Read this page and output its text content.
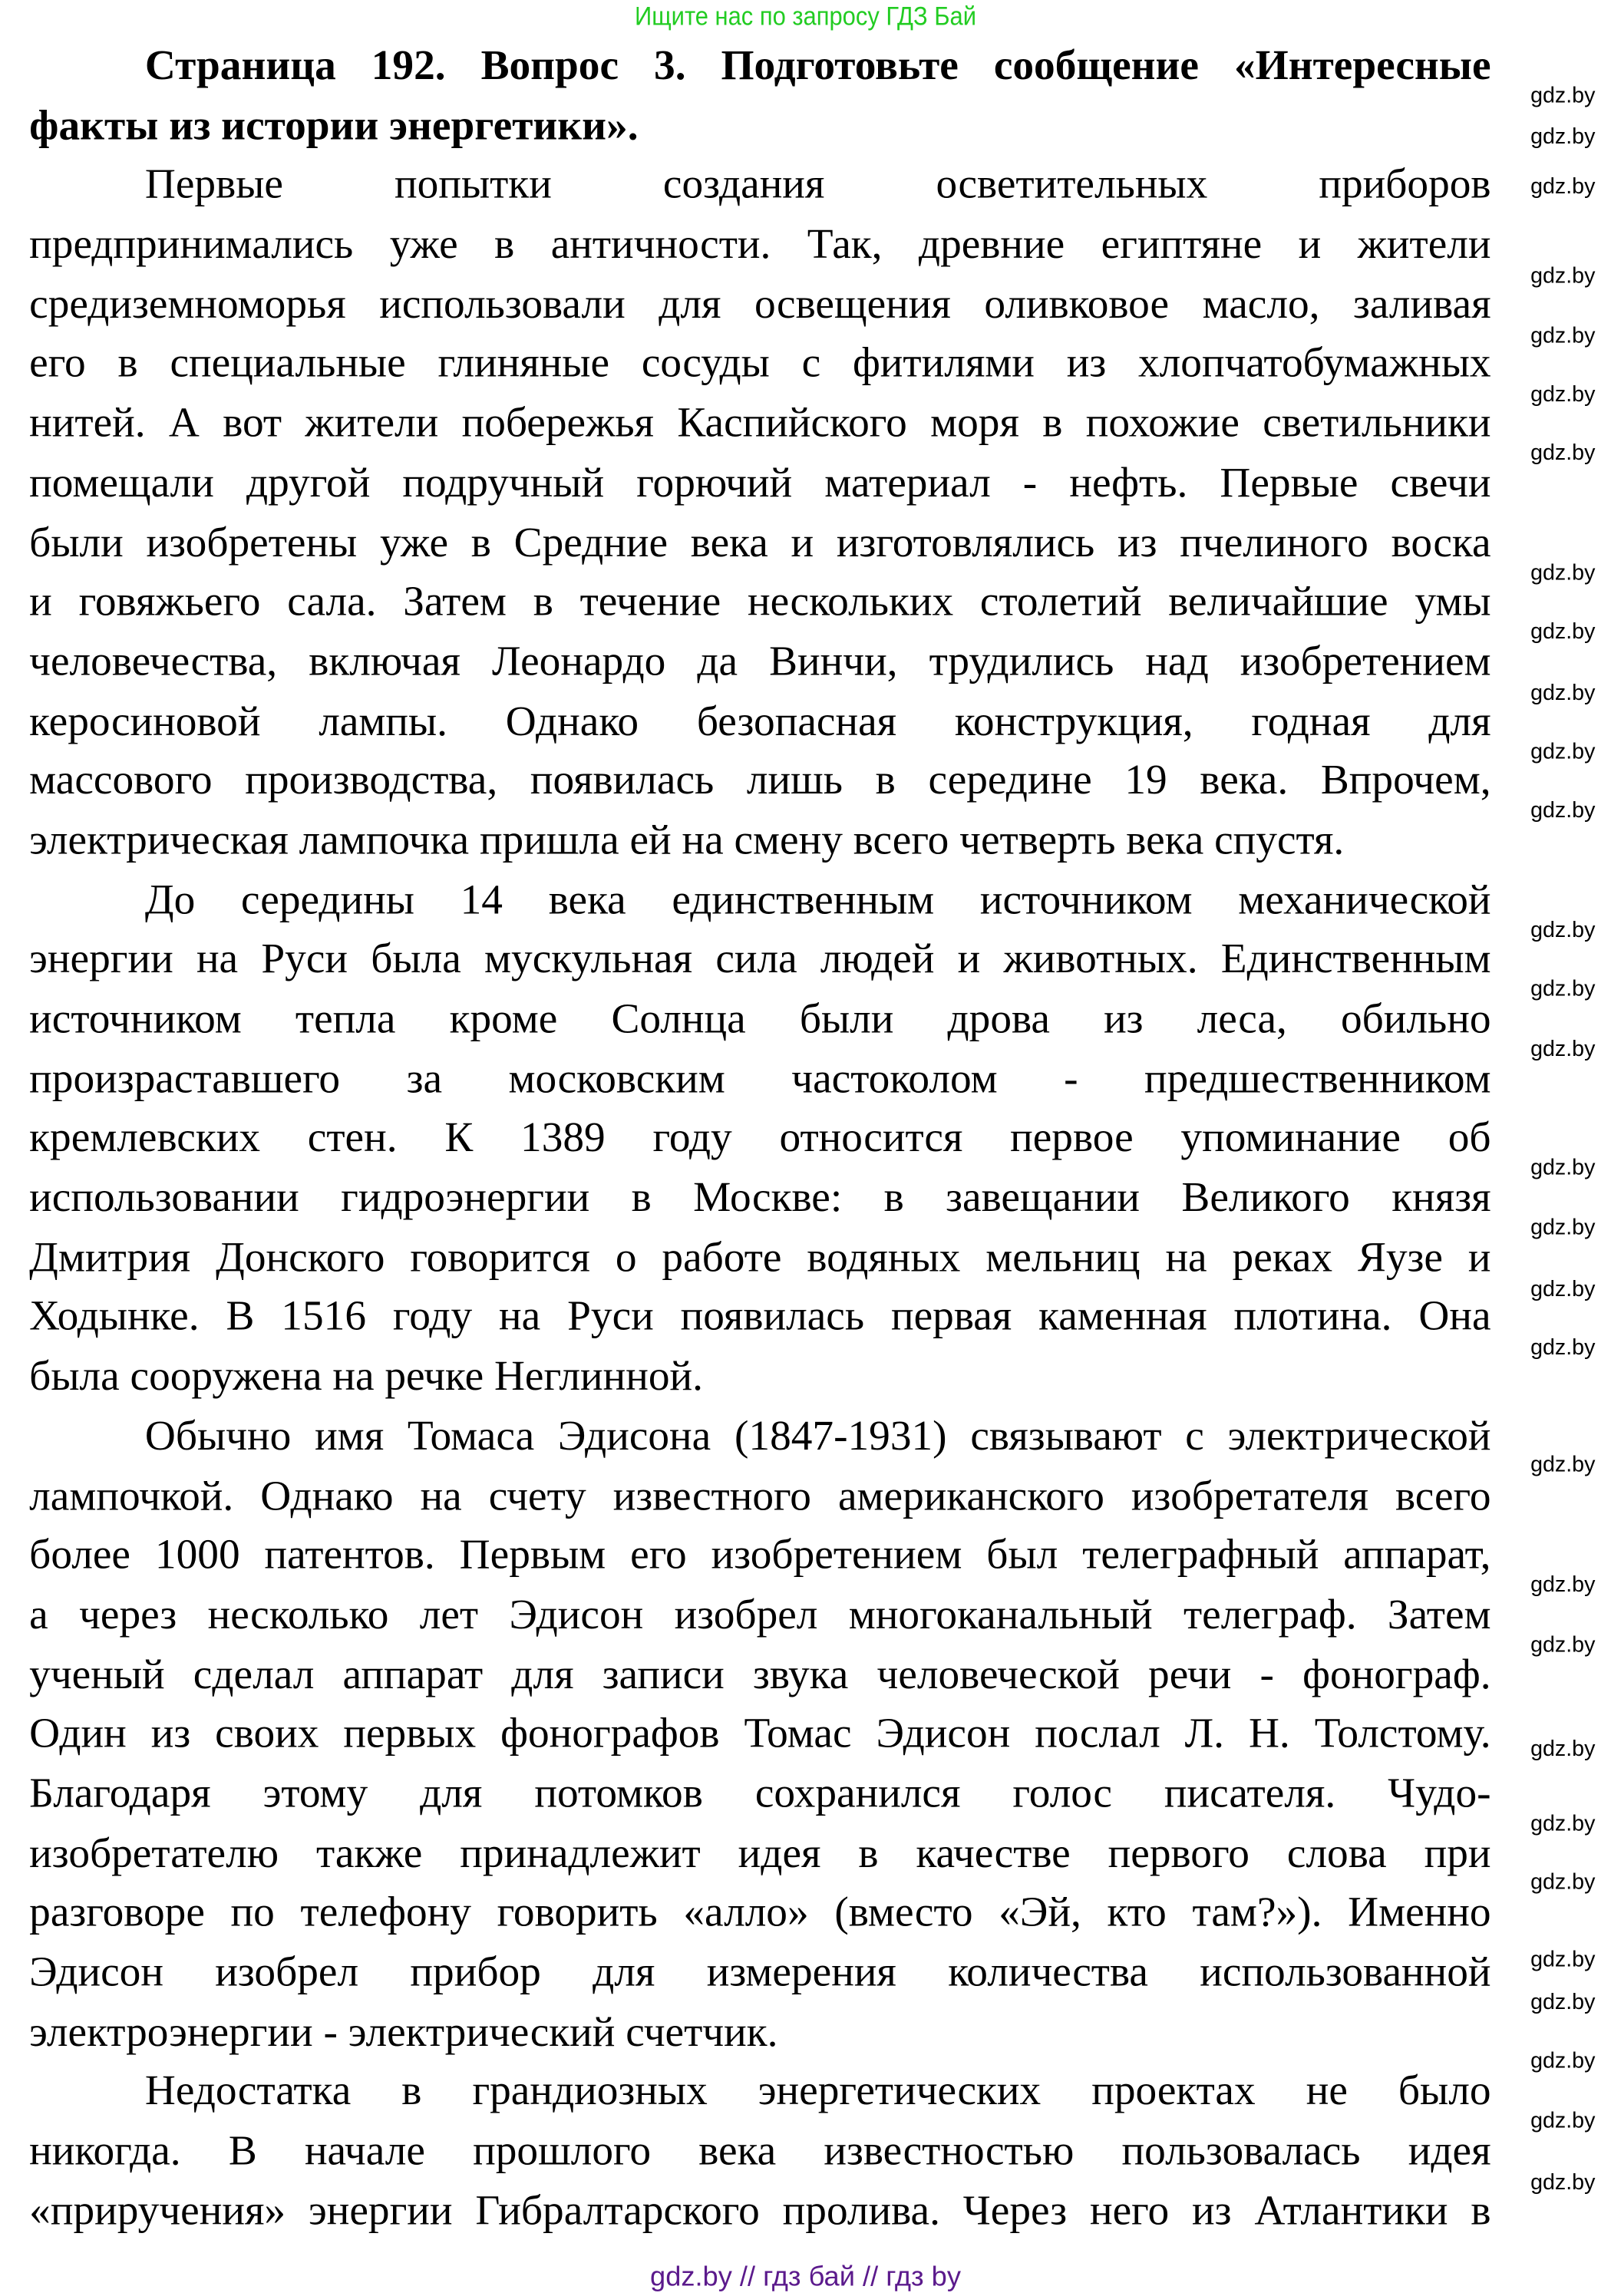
Ищите нас по запросу ГДЗ Бай
Страница 192. Вопрос 3. Подготовьте сообщение «Интересные
факты из истории энергетики».
Первые попытки создания осветительных приборов
предпринимались уже в античности. Так, древние египтяне и жители
средиземноморья использовали для освещения оливковое масло, заливая
его в специальные глиняные сосуды с фитилями из хлопчатобумажных
нитей. А вот жители побережья Каспийского моря в похожие светильники
помещали другой подручный горючий материал - нефть. Первые свечи
были изобретены уже в Средние века и изготовлялись из пчелиного воска
и говяжьего сала. Затем в течение нескольких столетий величайшие умы
человечества, включая Леонардо да Винчи, трудились над изобретением
керосиновой лампы. Однако безопасная конструкция, годная для
массового производства, появилась лишь в середине 19 века. Впрочем,
электрическая лампочка пришла ей на смену всего четверть века спустя.
До середины 14 века единственным источником механической
энергии на Руси была мускульная сила людей и животных. Единственным
источником тепла кроме Солнца были дрова из леса, обильно
произраставшего за московским частоколом - предшественником
кремлевских стен. К 1389 году относится первое упоминание об
использовании гидроэнергии в Москве: в завещании Великого князя
Дмитрия Донского говорится о работе водяных мельниц на реках Яузе и
Ходынке. В 1516 году на Руси появилась первая каменная плотина. Она
была сооружена на речке Неглинной.
Обычно имя Томаса Эдисона (1847-1931) связывают с электрической
лампочкой. Однако на счету известного американского изобретателя всего
более 1000 патентов. Первым его изобретением был телеграфный аппарат,
а через несколько лет Эдисон изобрел многоканальный телеграф. Затем
ученый сделал аппарат для записи звука человеческой речи - фонограф.
Один из своих первых фонографов Томас Эдисон послал Л. Н. Толстому.
Благодаря этому для потомков сохранился голос писателя. Чудо-
изобретателю также принадлежит идея в качестве первого слова при
разговоре по телефону говорить «алло» (вместо «Эй, кто там?»). Именно
Эдисон изобрел прибор для измерения количества использованной
электроэнергии - электрический счетчик.
Недостатка в грандиозных энергетических проектах не было
никогда. В начале прошлого века известностью пользовалась идея
«приручения» энергии Гибралтарского пролива. Через него из Атлантики в
gdz.by
gdz.by
gdz.by
gdz.by
gdz.by
gdz.by
gdz.by
gdz.by
gdz.by
gdz.by
gdz.by
gdz.by
gdz.by
gdz.by
gdz.by
gdz.by
gdz.by
gdz.by
gdz.by
gdz.by
gdz.by
gdz.by
gdz.by
gdz.by
gdz.by
gdz.by
gdz.by
gdz.by
gdz.by
gdz.by
gdz.by // гдз бай // гдз by
